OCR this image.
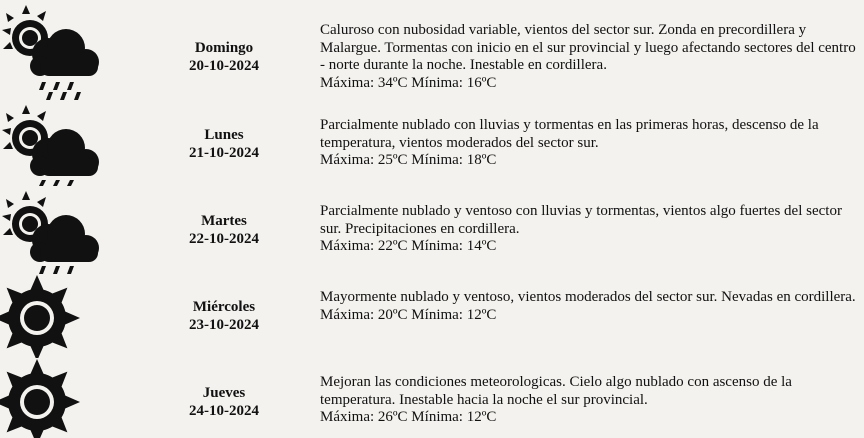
Domingo
20-10-2024
Caluroso con nubosidad variable, vientos del sector sur. Zonda en precordillera y Malargue. Tormentas con inicio en el sur provincial y luego afectando sectores del centro - norte durante la noche. Inestable en cordillera.
Máxima: 34ºC Mínima: 16ºC
Lunes
21-10-2024
Parcialmente nublado con lluvias y tormentas en las primeras horas, descenso de la temperatura, vientos moderados del sector sur.
Máxima: 25ºC Mínima: 18ºC
Martes
22-10-2024
Parcialmente nublado y ventoso con lluvias y tormentas, vientos algo fuertes del sector sur. Precipitaciones en cordillera.
Máxima: 22ºC Mínima: 14ºC
Miércoles
23-10-2024
Mayormente nublado y ventoso, vientos moderados del sector sur. Nevadas en cordillera.
Máxima: 20ºC Mínima: 12ºC
Jueves
24-10-2024
Mejoran las condiciones meteorologicas. Cielo algo nublado con ascenso de la temperatura. Inestable hacia la noche el sur provincial.
Máxima: 26ºC Mínima: 12ºC
